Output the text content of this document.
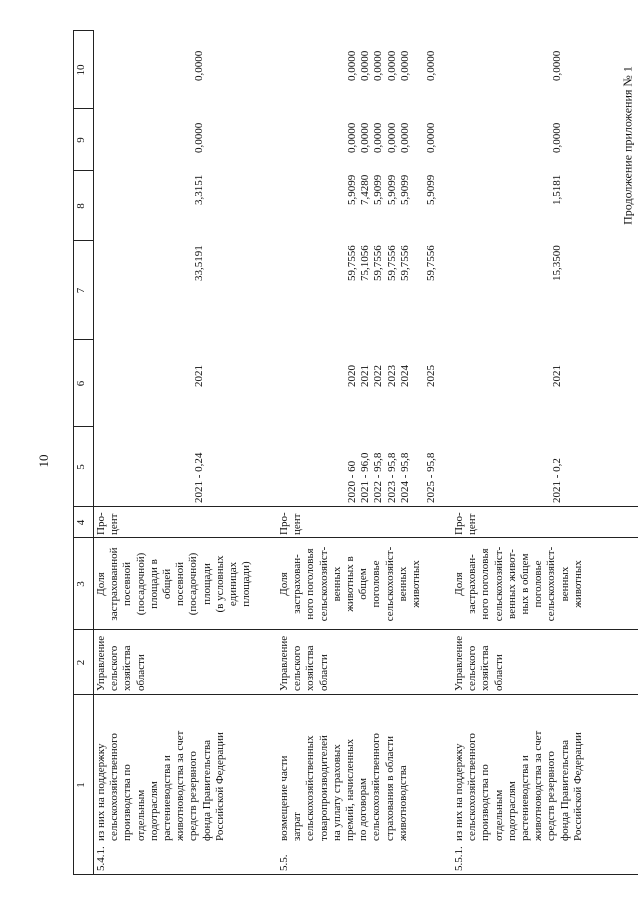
10
Продолжение приложения № 1
1
2
3
4
5
6
7
8
9
10
5.4.1.
из них на поддержку
сельскохозяйственного
производства по
отдельным
подотраслям
растениеводства и
животноводства за счет
средств резервного
фонда Правительства
Российской Федерации
Управление
сельского
хозяйства
области
Доля
застрахованной
посевной
(посадочной)
площади в
общей
посевной
(посадочной)
площади
(в условных
единицах
площади)
Про-
цент
2021 - 0,24
2021
33,5191
3,3151
0,0000
0,0000
5.5.
возмещение части
затрат
сельскохозяйственных
товаропроизводителей
на уплату страховых
премий, начисленных
по договорам
сельскохозяйственного
страхования в области
животноводства
Управление
сельского
хозяйства
области
Доля
застрахован-
ного поголовья
сельскохозяйст-
венных
животных в
общем
поголовье
сельскохозяйст-
венных
животных
Про-
цент
2020 - 60
2021 - 96,0
2022 - 95,8
2023 - 95,8
2024 - 95,8

2025 - 95,8
2020
2021
2022
2023
2024

2025
59,7556
75,1056
59,7556
59,7556
59,7556

59,7556
5,9099
7,4280
5,9099
5,9099
5,9099

5,9099
0,0000
0,0000
0,0000
0,0000
0,0000

0,0000
0,0000
0,0000
0,0000
0,0000
0,0000

0,0000
5.5.1.
из них на поддержку
сельскохозяйственного
производства по
отдельным
подотраслям
растениеводства и
животноводства за счет
средств резервного
фонда Правительства
Российской Федерации
Управление
сельского
хозяйства
области
Доля
застрахован-
ного поголовья
сельскохозяйст-
венных живот-
ных в общем
поголовье
сельскохозяйст-
венных
животных
Про-
цент
2021 - 0,2
2021
15,3500
1,5181
0,0000
0,0000
